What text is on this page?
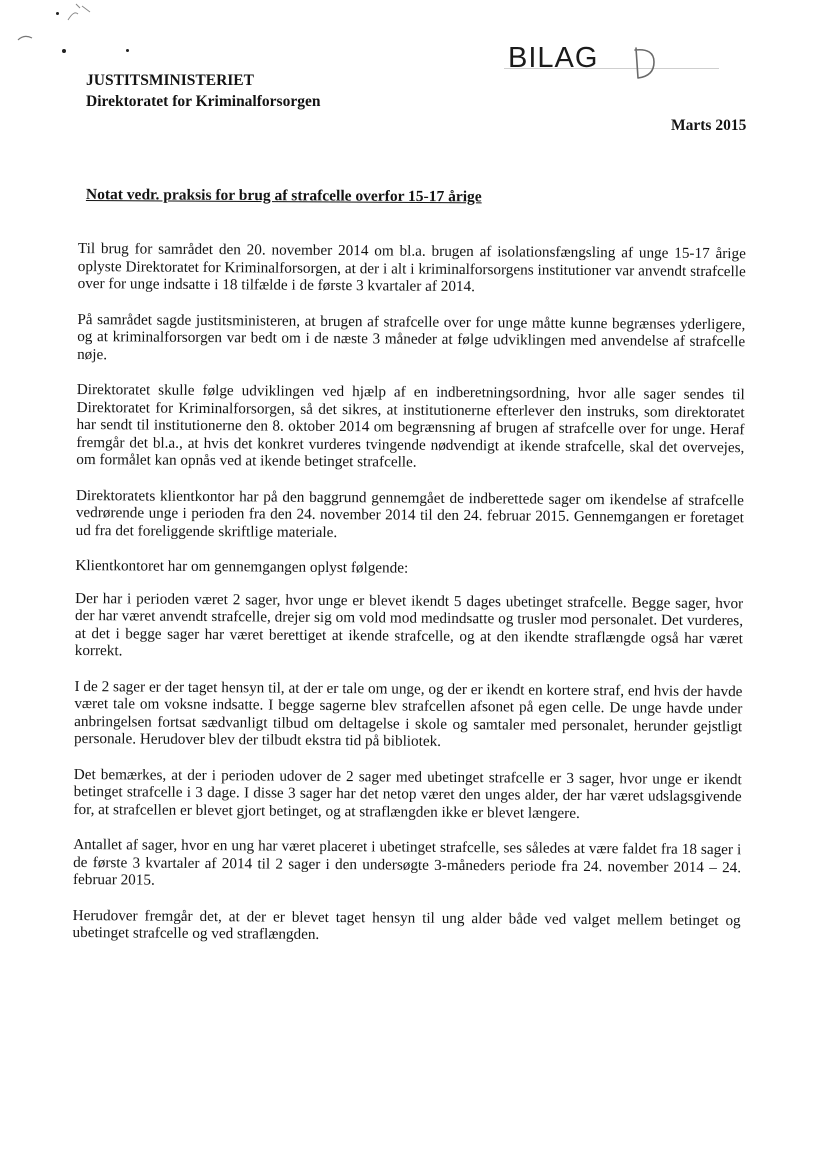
BILAG
JUSTITSMINISTERIET
Direktoratet for Kriminalforsorgen
Marts 2015
Notat vedr. praksis for brug af strafcelle overfor 15-17 årige

Til brug for samrådet den 20. november 2014 om bl.a. brugen af isolationsfængsling af unge 15-17 årige oplyste Direktoratet for Kriminalforsorgen, at der i alt i kriminalforsorgens institutioner var anvendt strafcelle over for unge indsatte i 18 tilfælde i de første 3 kvartaler af 2014.

På samrådet sagde justitsministeren, at brugen af strafcelle over for unge måtte kunne begrænses yderligere, og at kriminalforsorgen var bedt om i de næste 3 måneder at følge udviklingen med anvendelse af strafcelle nøje.

Direktoratet skulle følge udviklingen ved hjælp af en indberetningsordning, hvor alle sager sendes til Direktoratet for Kriminalforsorgen, så det sikres, at institutionerne efterlever den instruks, som direktoratet har sendt til institutionerne den 8. oktober 2014 om begrænsning af brugen af strafcelle over for unge. Heraf fremgår det bl.a., at hvis det konkret vurderes tvingende nødvendigt at ikende strafcelle, skal det overvejes, om formålet kan opnås ved at ikende betinget strafcelle.

Direktoratets klientkontor har på den baggrund gennemgået de indberettede sager om ikendelse af strafcelle vedrørende unge i perioden fra den 24. november 2014 til den 24. februar 2015. Gennemgangen er foretaget ud fra det foreliggende skriftlige materiale.

Klientkontoret har om gennemgangen oplyst følgende:

Der har i perioden været 2 sager, hvor unge er blevet ikendt 5 dages ubetinget strafcelle. Begge sager, hvor der har været anvendt strafcelle, drejer sig om vold mod medindsatte og trusler mod personalet. Det vurderes, at det i begge sager har været berettiget at ikende strafcelle, og at den ikendte straflængde også har været korrekt.

I de 2 sager er der taget hensyn til, at der er tale om unge, og der er ikendt en kortere straf, end hvis der havde været tale om voksne indsatte. I begge sagerne blev strafcellen afsonet på egen celle. De unge havde under anbringelsen fortsat sædvanligt tilbud om deltagelse i skole og samtaler med personalet, herunder gejstligt personale. Herudover blev der tilbudt ekstra tid på bibliotek.

Det bemærkes, at der i perioden udover de 2 sager med ubetinget strafcelle er 3 sager, hvor unge er ikendt betinget strafcelle i 3 dage. I disse 3 sager har det netop været den unges alder, der har været udslagsgivende for, at strafcellen er blevet gjort betinget, og at straflængden ikke er blevet længere.

Antallet af sager, hvor en ung har været placeret i ubetinget strafcelle, ses således at være faldet fra 18 sager i de første 3 kvartaler af 2014 til 2 sager i den undersøgte 3-måneders periode fra 24. november 2014 – 24. februar 2015.

Herudover fremgår det, at der er blevet taget hensyn til ung alder både ved valget mellem betinget og ubetinget strafcelle og ved straflængden.
